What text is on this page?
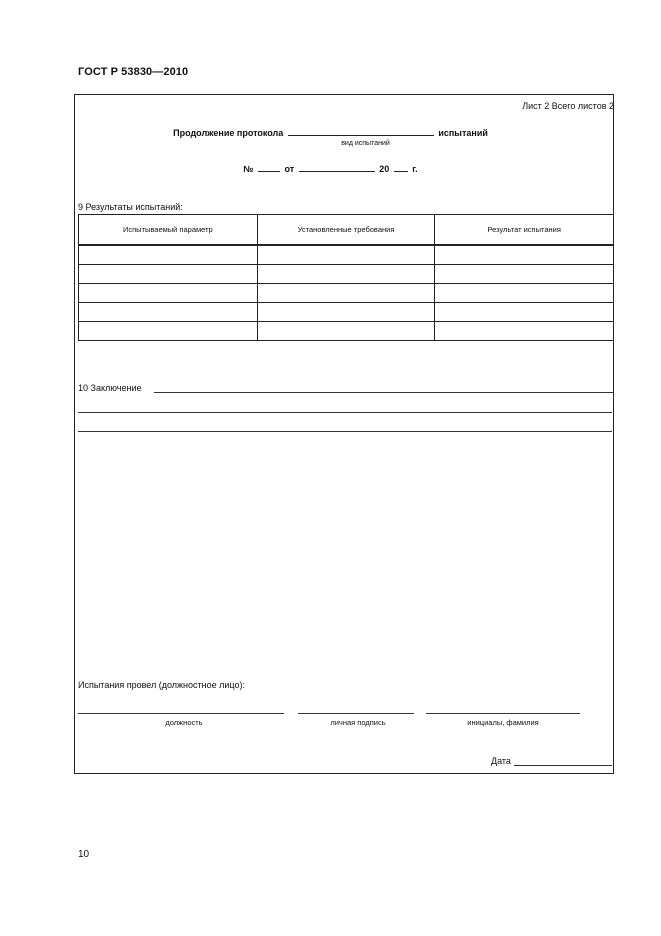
ГОСТ Р 53830—2010
Лист 2 Всего листов 2
Продолжение протокола	испытаний
вид испытаний
№	от	20	г.
9 Результаты испытаний:
Испытываемый параметр	Установленные требования	Результат испытания

10 Заключение
Испытания провел (должностное лицо):
должность	личная подпись	инициалы, фамилия
Дата
10
